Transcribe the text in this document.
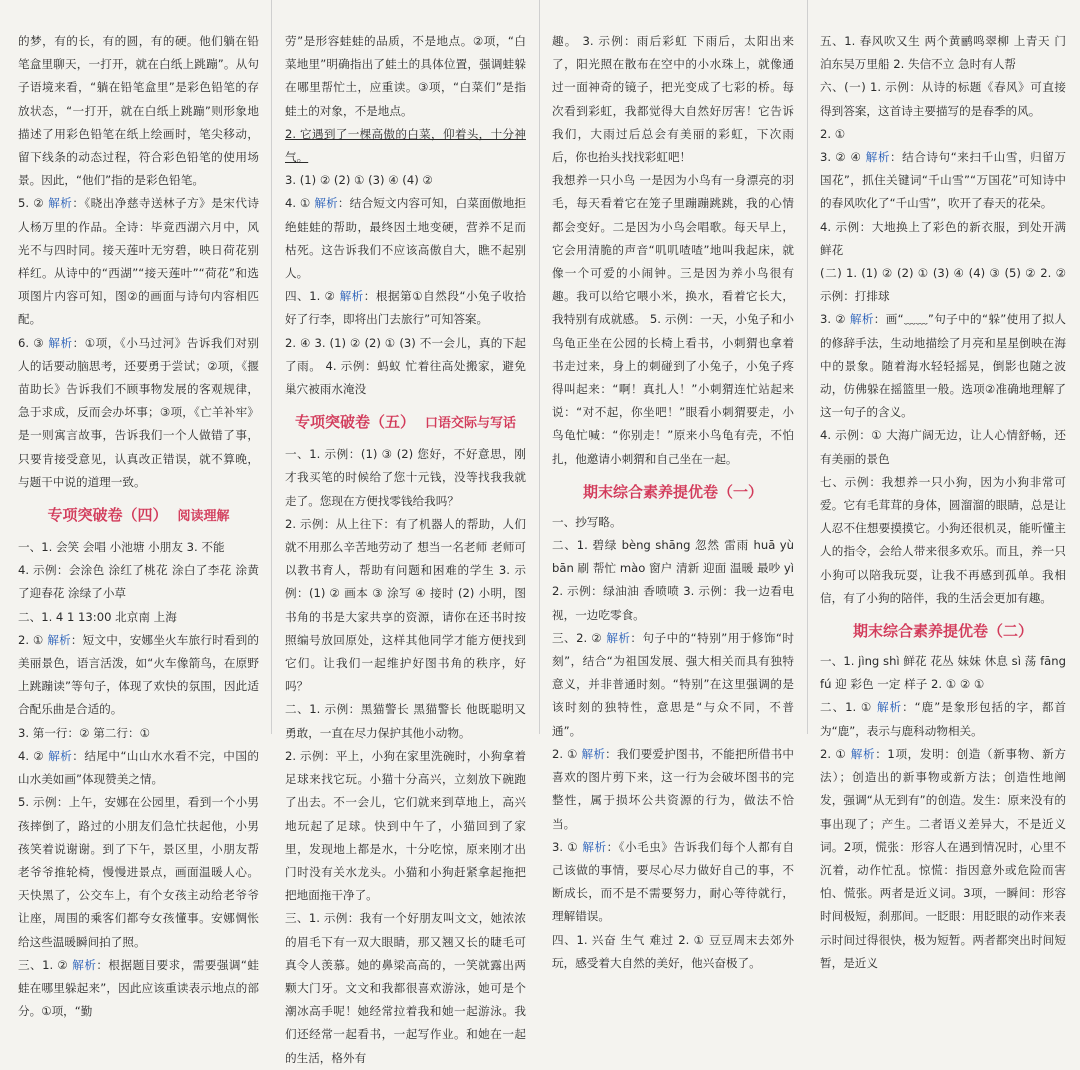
的梦，有的长，有的圆，有的硬。他们躺在铅笔盒里聊天，一打开，就在白纸上跳蹦”。从句子语境来看，“躺在铅笔盒里”是彩色铅笔的存放状态，“一打开，就在白纸上跳蹦”则形象地描述了用彩色铅笔在纸上绘画时，笔尖移动，留下线条的动态过程，符合彩色铅笔的使用场景。因此，“他们”指的是彩色铅笔。

5. ② 解析：《晓出净慈寺送林子方》是宋代诗人杨万里的作品。全诗：毕竟西湖六月中，风光不与四时同。接天莲叶无穷碧，映日荷花别样红。从诗中的“西湖”“接天莲叶”“荷花”和选项图片内容可知，图②的画面与诗句内容相匹配。

6. ③ 解析：①项，《小马过河》告诉我们对别人的话要动脑思考，还要勇于尝试；②项，《揠苗助长》告诉我们不顾事物发展的客观规律，急于求成，反而会办坏事；③项，《亡羊补牢》是一则寓言故事，告诉我们一个人做错了事，只要肯接受意见，认真改正错误，就不算晚，与题干中说的道理一致。

专项突破卷（四） 阅读理解

一、1. 会笑 会唱 小池塘 小朋友 3. 不能

4. 示例：会涂色 涂红了桃花 涂白了李花 涂黄了迎春花 涂绿了小草

二、1. 4 1 13:00 北京南 上海

2. ① 解析：短文中，安娜坐火车旅行时看到的美丽景色，语言活泼，如“火车像箭鸟，在原野上跳蹦读”等句子，体现了欢快的氛围，因此适合配乐曲是合适的。

3. 第一行：② 第二行：①

4. ② 解析：结尾中“山山水水看不完，中国的山水美如画”体现赞美之情。

5. 示例：上午，安娜在公园里，看到一个小男孩摔倒了，路过的小朋友们急忙扶起他，小男孩笑着说谢谢。到了下午，景区里，小朋友帮老爷爷推轮椅，慢慢进景点，画面温暖人心。天快黑了，公交车上，有个女孩主动给老爷爷让座，周围的乘客们都夸女孩懂事。安娜惆怅给这些温暖瞬间拍了照。

三、1. ② 解析：根据题目要求，需要强调“蛙蛙在哪里躲起来”，因此应该重读表示地点的部分。①项，“勤

劳”是形容蛙蛙的品质，不是地点。②项，“白菜地里”明确指出了蛙土的具体位置，强调蛙躲在哪里帮忙土，应重读。③项，“白菜们”是指蛙土的对象，不是地点。

2. 它遇到了一棵高傲的白菜，仰着头，十分神气。

3. (1) ② (2) ① (3) ④ (4) ②

4. ① 解析：结合短文内容可知，白菜面傲地拒绝蛙蛙的帮助，最终因土地变硬，营养不足而枯死。这告诉我们不应该高傲自大，瞧不起别人。

四、1. ② 解析：根据第①自然段“小兔子收拾好了行李，即将出门去旅行”可知答案。

2. ④ 3. (1) ② (2) ① (3) 不一会儿，真的下起了雨。 4. 示例：蚂蚁 忙着往高处搬家，避免巢穴被雨水淹没

专项突破卷（五） 口语交际与写话

一、1. 示例：(1) ③ (2) 您好，不好意思，刚才我买笔的时候给了您十元钱，没等找我我就走了。您现在方便找零钱给我吗？

2. 示例：从上往下：有了机器人的帮助，人们就不用那么辛苦地劳动了 想当一名老师 老师可以教书育人，帮助有问题和困难的学生 3. 示例：(1) ② 画本 ③ 涂写 ④ 接时 (2) 小明，图书角的书是大家共享的资源，请你在还书时按照编号放回原处，这样其他同学才能方便找到它们。让我们一起维护好图书角的秩序，好吗？

二、1. 示例：黑猫警长 黑猫警长 他既聪明又勇敢，一直在尽力保护其他小动物。

2. 示例：平上，小狗在家里洗碗时，小狗拿着足球来找它玩。小猫十分高兴，立刻放下碗跑了出去。不一会儿，它们就来到草地上，高兴地玩起了足球。快到中午了，小猫回到了家里，发现地上都是水，十分吃惊，原来刚才出门时没有关水龙头。小猫和小狗赶紧拿起拖把把地面拖干净了。

三、1. 示例：我有一个好朋友叫文文，她浓浓的眉毛下有一双大眼睛，那又翘又长的睫毛可真令人羡慕。她的鼻梁高高的，一笑就露出两颗大门牙。文文和我都很喜欢游泳，她可是个潮冰高手呢！她经常拉着我和她一起游泳。我们还经常一起看书，一起写作业。和她在一起的生活，格外有

趣。 3. 示例：雨后彩虹 下雨后，太阳出来了，阳光照在散布在空中的小水珠上，就像通过一面神奇的镜子，把光变成了七彩的桥。每次看到彩虹，我都觉得大自然好厉害！它告诉我们，大雨过后总会有美丽的彩虹，下次雨后，你也抬头找找彩虹吧！

我想养一只小鸟 一是因为小鸟有一身漂亮的羽毛，每天看着它在笼子里蹦蹦跳跳，我的心情都会变好。二是因为小鸟会唱歌。每天早上，它会用清脆的声音“叽叽喳喳”地叫我起床，就像一个可爱的小闹钟。三是因为养小鸟很有趣。我可以给它喂小米，换水，看着它长大，我特别有成就感。 5. 示例：一天，小兔子和小鸟龟正坐在公园的长椅上看书，小刺猬也拿着书走过来，身上的刺碰到了小兔子，小兔子疼得叫起来：“啊！真扎人！”小刺猬连忙站起来说：“对不起，你坐吧！”眼看小刺猬要走，小鸟龟忙喊：“你别走！”原来小鸟龟有壳，不怕扎，他邀请小刺猬和自己坐在一起。

期末综合素养提优卷（一）

一、抄写略。

二、1. 碧绿 bèng shāng 忽然 雷雨 huā yù bān 刷 帮忙 mào 窗户 清新 迎面 温暖 最吵 yì 2. 示例：绿油油 香喷喷 3. 示例：我一边看电视，一边吃零食。

三、2. ② 解析：句子中的“特别”用于修饰“时刻”，结合“为祖国发展、强大相关而具有独特意义，并非普通时刻。“特别”在这里强调的是该时刻的独特性，意思是“与众不同，不普通”。

2. ① 解析：我们要爱护图书，不能把所借书中喜欢的图片剪下来，这一行为会破坏图书的完整性，属于损坏公共资源的行为，做法不恰当。

3. ① 解析：《小毛虫》告诉我们每个人都有自己该做的事情，要尽心尽力做好自己的事，不断成长，而不是不需要努力，耐心等待就行，理解错误。

四、1. 兴奋 生气 难过 2. ① 豆豆周末去郊外玩，感受着大自然的美好，他兴奋极了。

五、1. 春风吹又生 两个黄鹂鸣翠柳 上青天 门泊东吴万里船 2. 失信不立 急时有人帮

六、(一) 1. 示例：从诗的标题《春风》可直接得到答案，这首诗主要描写的是春季的风。

2. ①

3. ② ④ 解析：结合诗句“来扫千山雪，归留万国花”，抓住关键词“千山雪”“万国花”可知诗中的春风吹化了“千山雪”，吹开了春天的花朵。

4. 示例：大地换上了彩色的新衣服，到处开满鲜花

(二) 1. (1) ② (2) ① (3) ④ (4) ③ (5) ② 2. ② 示例：打排球

3. ② 解析：画“﹏﹏”句子中的“躲”使用了拟人的修辞手法，生动地描绘了月亮和星星倒映在海中的景象。随着海水轻轻摇晃，倒影也随之波动，仿佛躲在摇篮里一般。选项②准确地理解了这一句子的含义。

4. 示例：① 大海广阔无边，让人心情舒畅，还有美丽的景色

七、示例：我想养一只小狗，因为小狗非常可爱。它有毛茸茸的身体，圆溜溜的眼睛，总是让人忍不住想要摸摸它。小狗还很机灵，能听懂主人的指令，会给人带来很多欢乐。而且，养一只小狗可以陪我玩耍，让我不再感到孤单。我相信，有了小狗的陪伴，我的生活会更加有趣。

期末综合素养提优卷（二）

一、1. jìng shì 鲜花 花丛 妹妹 休息 sì 荡 fāng fú 迎 彩色 一定 样子 2. ① ② ①

二、1. ① 解析：“鹿”是象形包括的字，都首为“鹿”，表示与鹿科动物相关。

2. ① 解析：1项，发明：创造（新事物、新方法）；创造出的新事物或新方法；创造性地阐发，强调“从无到有”的创造。发生：原来没有的事出现了；产生。二者语义差异大，不是近义词。2项，慌张：形容人在遇到情况时，心里不沉着，动作忙乱。惊慌：指因意外或危险而害怕、慌张。两者是近义词。3项，一瞬间：形容时间极短，刹那间。一眨眼：用眨眼的动作来表示时间过得很快，极为短暂。两者都突出时间短暂，是近义
